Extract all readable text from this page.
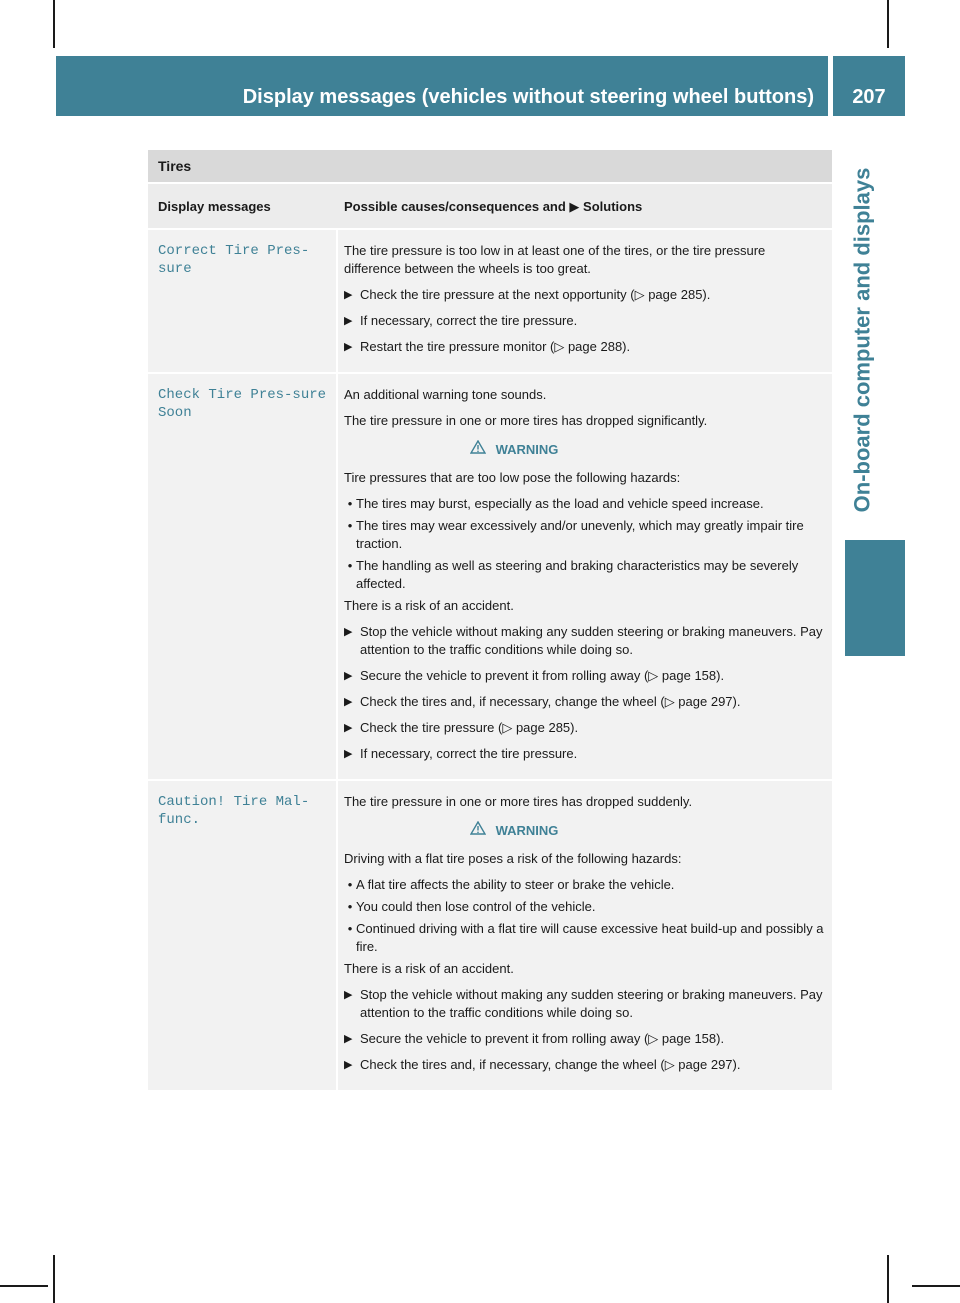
Display messages (vehicles without steering wheel buttons)	207
On-board computer and displays
Tires
Display messages	Possible causes/consequences and ▶ Solutions
Correct Tire Pres-sure

The tire pressure is too low in at least one of the tires, or the tire pressure difference between the wheels is too great.

▶ Check the tire pressure at the next opportunity (▷ page 285).
▶ If necessary, correct the tire pressure.
▶ Restart the tire pressure monitor (▷ page 288).
Check Tire Pres-sure Soon

An additional warning tone sounds.

The tire pressure in one or more tires has dropped significantly.

WARNING

Tire pressures that are too low pose the following hazards:

• The tires may burst, especially as the load and vehicle speed increase.
• The tires may wear excessively and/or unevenly, which may greatly impair tire traction.
• The handling as well as steering and braking characteristics may be severely affected.

There is a risk of an accident.

▶ Stop the vehicle without making any sudden steering or braking maneuvers. Pay attention to the traffic conditions while doing so.
▶ Secure the vehicle to prevent it from rolling away (▷ page 158).
▶ Check the tires and, if necessary, change the wheel (▷ page 297).
▶ Check the tire pressure (▷ page 285).
▶ If necessary, correct the tire pressure.
Caution! Tire Mal-func.

The tire pressure in one or more tires has dropped suddenly.

WARNING

Driving with a flat tire poses a risk of the following hazards:

• A flat tire affects the ability to steer or brake the vehicle.
• You could then lose control of the vehicle.
• Continued driving with a flat tire will cause excessive heat build-up and possibly a fire.

There is a risk of an accident.

▶ Stop the vehicle without making any sudden steering or braking maneuvers. Pay attention to the traffic conditions while doing so.
▶ Secure the vehicle to prevent it from rolling away (▷ page 158).
▶ Check the tires and, if necessary, change the wheel (▷ page 297).
